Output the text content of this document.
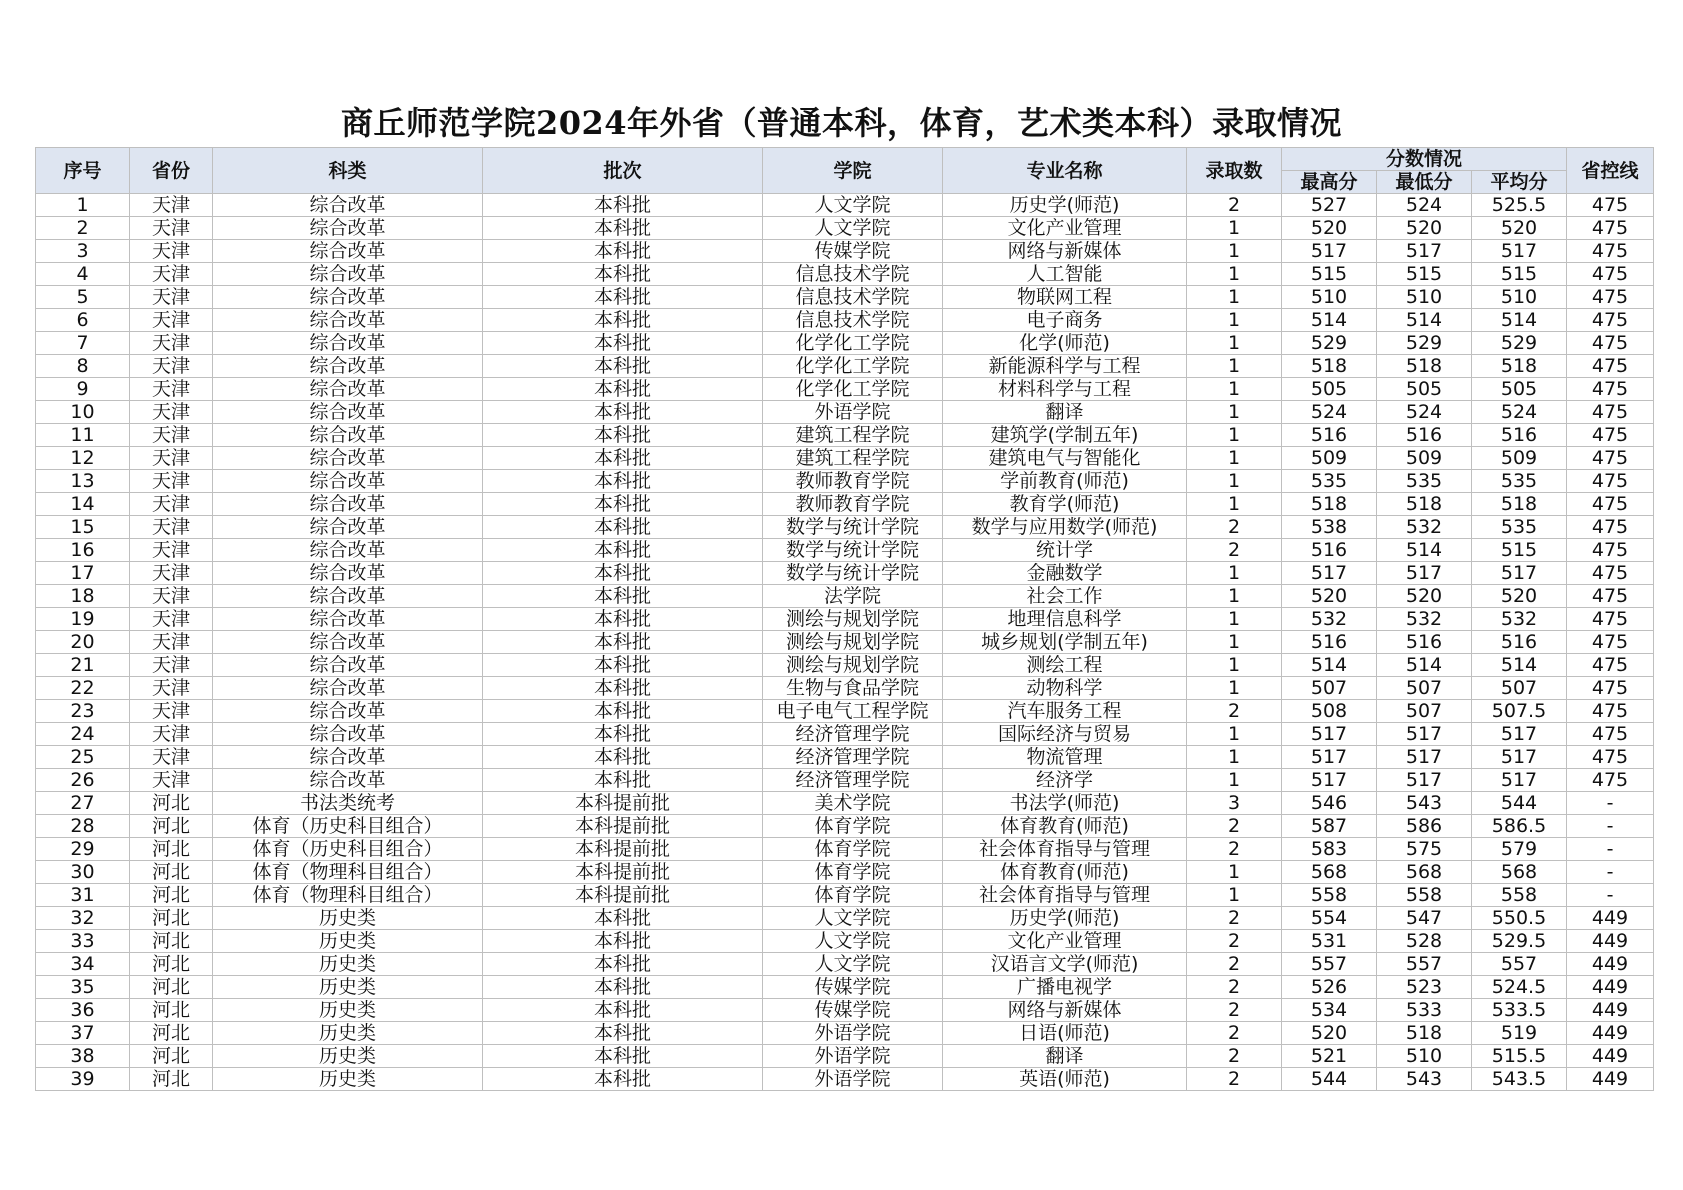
商丘师范学院2024年外省（普通本科，体育，艺术类本科）录取情况
序号	省份	科类	批次	学院	专业名称	录取数	分数情况			省控线
							最高分	最低分	平均分	
1	天津	综合改革	本科批	人文学院	历史学(师范)	2	527	524	525.5	475
2	天津	综合改革	本科批	人文学院	文化产业管理	1	520	520	520	475
3	天津	综合改革	本科批	传媒学院	网络与新媒体	1	517	517	517	475
4	天津	综合改革	本科批	信息技术学院	人工智能	1	515	515	515	475
5	天津	综合改革	本科批	信息技术学院	物联网工程	1	510	510	510	475
6	天津	综合改革	本科批	信息技术学院	电子商务	1	514	514	514	475
7	天津	综合改革	本科批	化学化工学院	化学(师范)	1	529	529	529	475
8	天津	综合改革	本科批	化学化工学院	新能源科学与工程	1	518	518	518	475
9	天津	综合改革	本科批	化学化工学院	材料科学与工程	1	505	505	505	475
10	天津	综合改革	本科批	外语学院	翻译	1	524	524	524	475
11	天津	综合改革	本科批	建筑工程学院	建筑学(学制五年)	1	516	516	516	475
12	天津	综合改革	本科批	建筑工程学院	建筑电气与智能化	1	509	509	509	475
13	天津	综合改革	本科批	教师教育学院	学前教育(师范)	1	535	535	535	475
14	天津	综合改革	本科批	教师教育学院	教育学(师范)	1	518	518	518	475
15	天津	综合改革	本科批	数学与统计学院	数学与应用数学(师范)	2	538	532	535	475
16	天津	综合改革	本科批	数学与统计学院	统计学	2	516	514	515	475
17	天津	综合改革	本科批	数学与统计学院	金融数学	1	517	517	517	475
18	天津	综合改革	本科批	法学院	社会工作	1	520	520	520	475
19	天津	综合改革	本科批	测绘与规划学院	地理信息科学	1	532	532	532	475
20	天津	综合改革	本科批	测绘与规划学院	城乡规划(学制五年)	1	516	516	516	475
21	天津	综合改革	本科批	测绘与规划学院	测绘工程	1	514	514	514	475
22	天津	综合改革	本科批	生物与食品学院	动物科学	1	507	507	507	475
23	天津	综合改革	本科批	电子电气工程学院	汽车服务工程	2	508	507	507.5	475
24	天津	综合改革	本科批	经济管理学院	国际经济与贸易	1	517	517	517	475
25	天津	综合改革	本科批	经济管理学院	物流管理	1	517	517	517	475
26	天津	综合改革	本科批	经济管理学院	经济学	1	517	517	517	475
27	河北	书法类统考	本科提前批	美术学院	书法学(师范)	3	546	543	544	-
28	河北	体育（历史科目组合）	本科提前批	体育学院	体育教育(师范)	2	587	586	586.5	-
29	河北	体育（历史科目组合）	本科提前批	体育学院	社会体育指导与管理	2	583	575	579	-
30	河北	体育（物理科目组合）	本科提前批	体育学院	体育教育(师范)	1	568	568	568	-
31	河北	体育（物理科目组合）	本科提前批	体育学院	社会体育指导与管理	1	558	558	558	-
32	河北	历史类	本科批	人文学院	历史学(师范)	2	554	547	550.5	449
33	河北	历史类	本科批	人文学院	文化产业管理	2	531	528	529.5	449
34	河北	历史类	本科批	人文学院	汉语言文学(师范)	2	557	557	557	449
35	河北	历史类	本科批	传媒学院	广播电视学	2	526	523	524.5	449
36	河北	历史类	本科批	传媒学院	网络与新媒体	2	534	533	533.5	449
37	河北	历史类	本科批	外语学院	日语(师范)	2	520	518	519	449
38	河北	历史类	本科批	外语学院	翻译	2	521	510	515.5	449
39	河北	历史类	本科批	外语学院	英语(师范)	2	544	543	543.5	449
